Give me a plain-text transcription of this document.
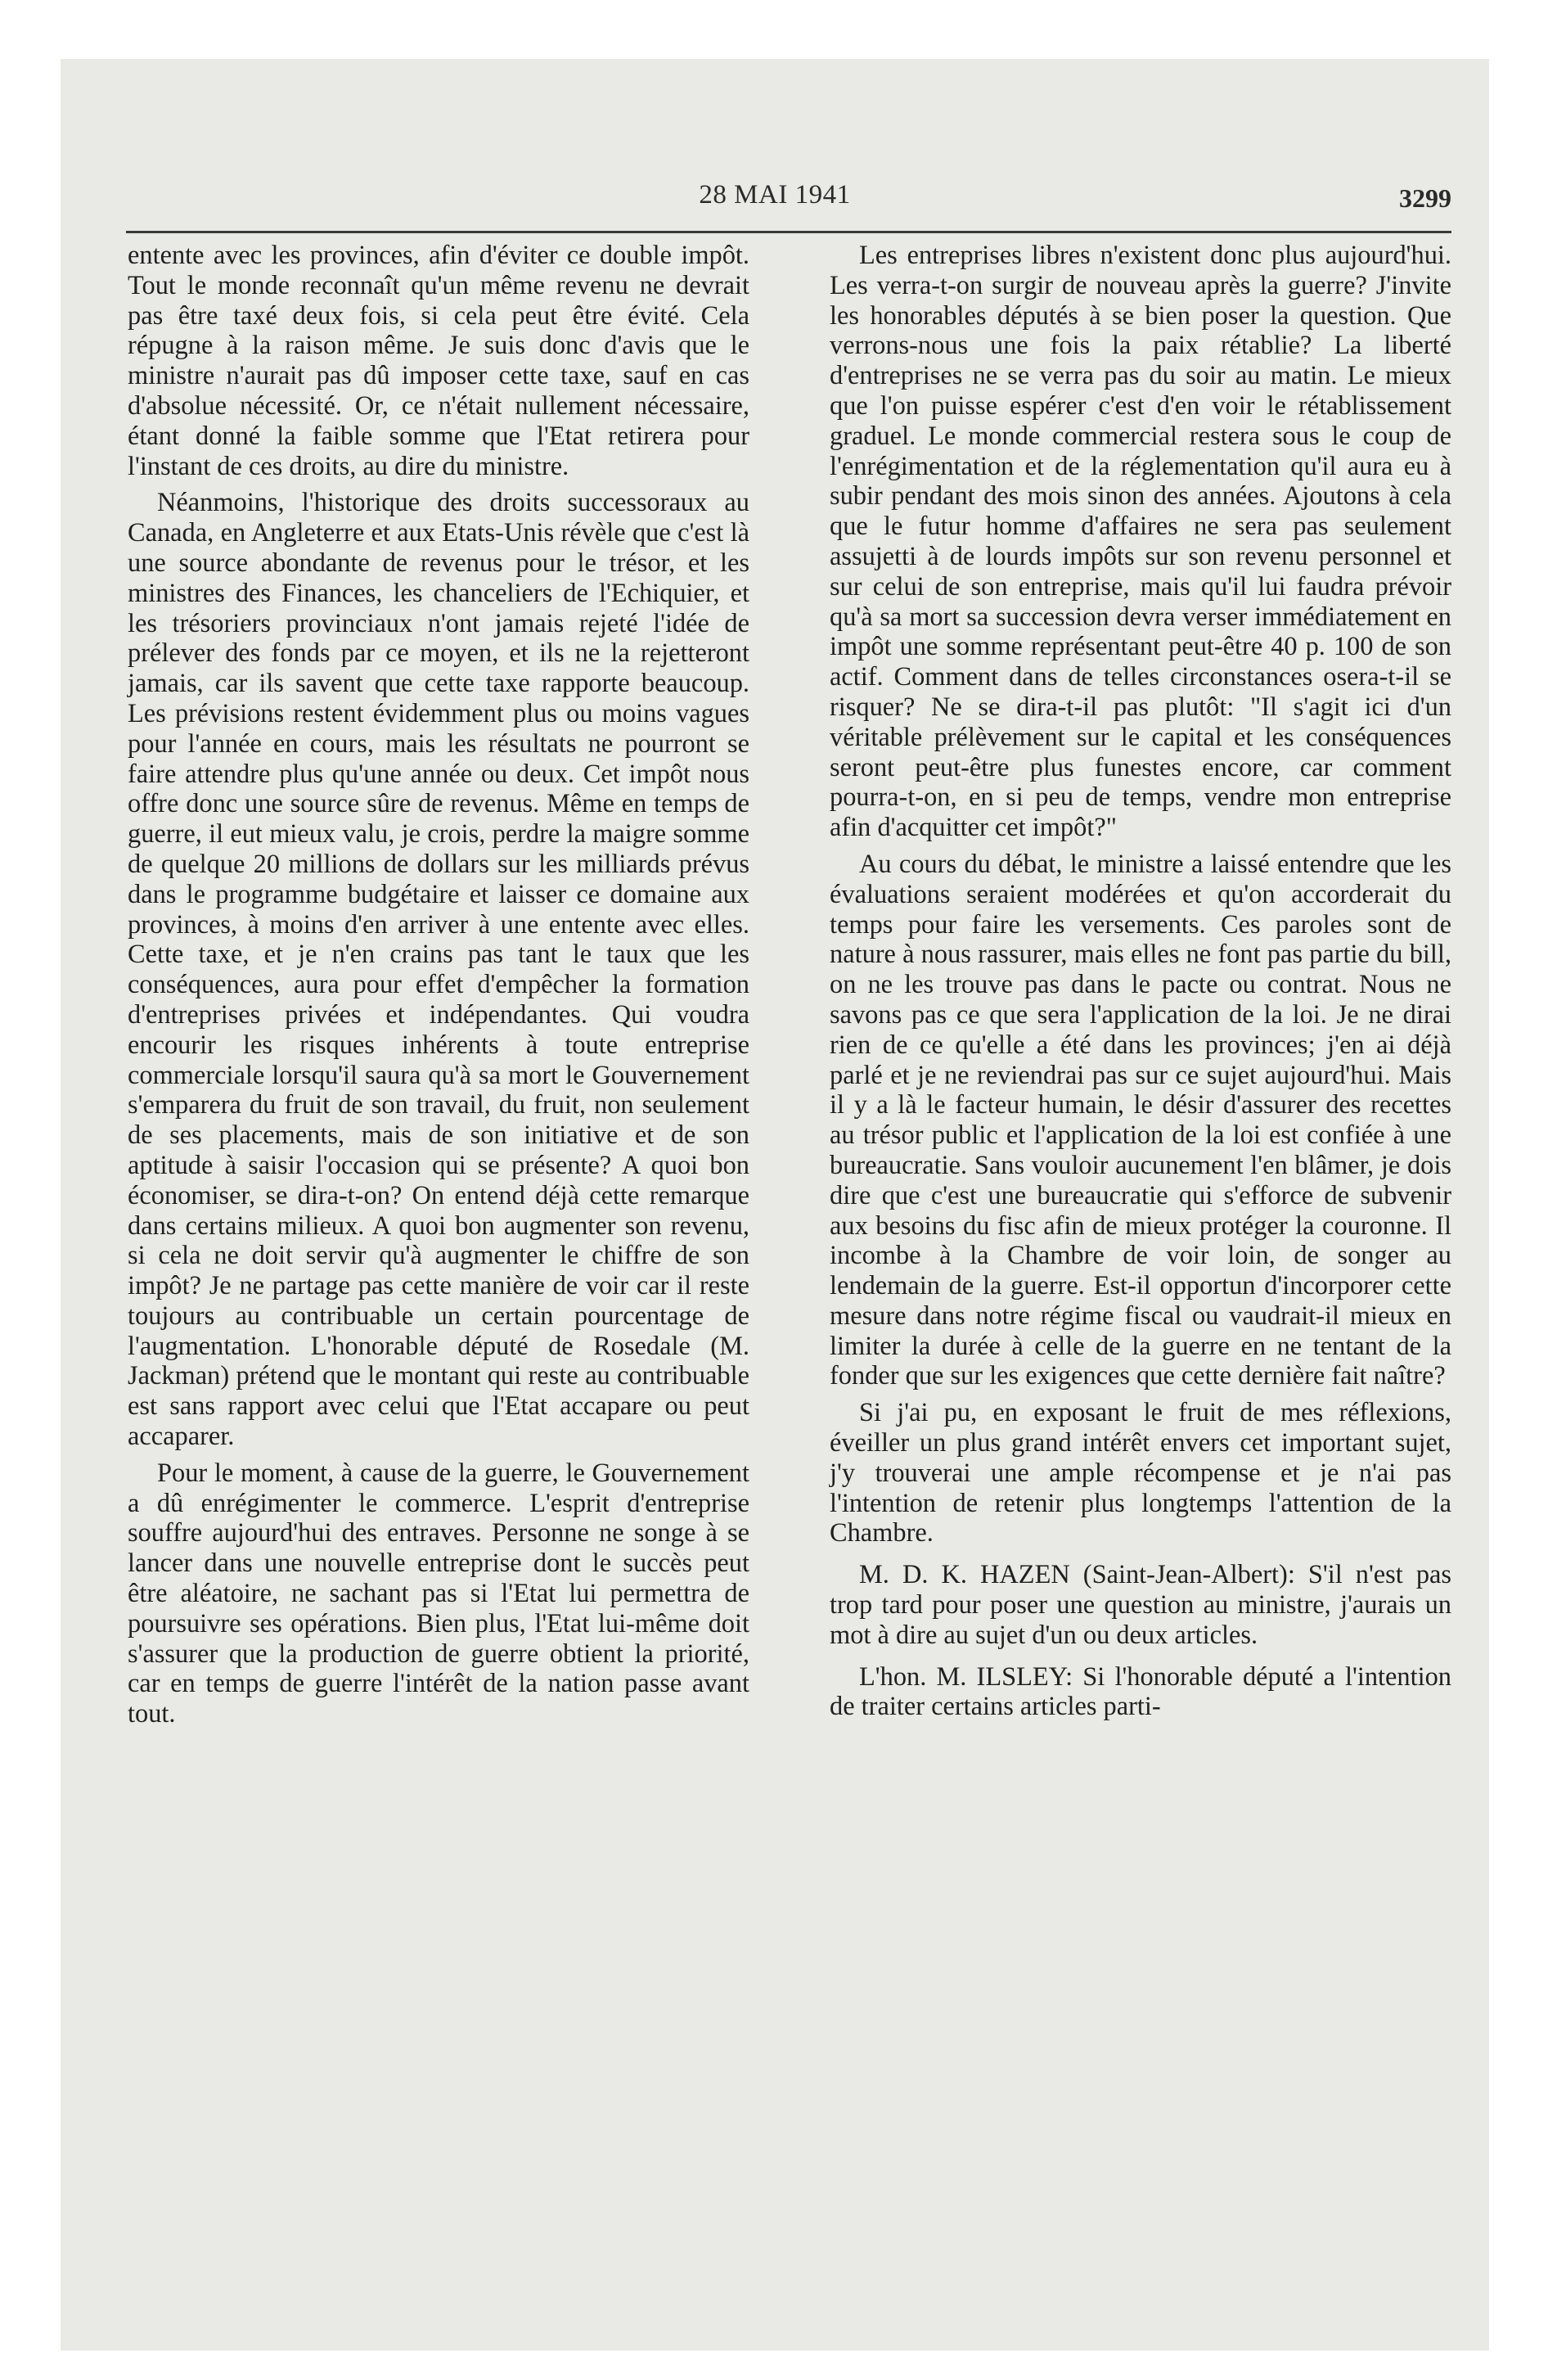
28 MAI 1941	3299

entente avec les provinces, afin d'éviter ce double impôt. Tout le monde reconnaît qu'un même revenu ne devrait pas être taxé deux fois, si cela peut être évité. Cela répugne à la raison même. Je suis donc d'avis que le ministre n'aurait pas dû imposer cette taxe, sauf en cas d'absolue nécessité. Or, ce n'était nullement nécessaire, étant donné la faible somme que l'Etat retirera pour l'instant de ces droits, au dire du ministre.

Néanmoins, l'historique des droits successoraux au Canada, en Angleterre et aux Etats-Unis révèle que c'est là une source abondante de revenus pour le trésor, et les ministres des Finances, les chanceliers de l'Echiquier, et les trésoriers provinciaux n'ont jamais rejeté l'idée de prélever des fonds par ce moyen, et ils ne la rejetteront jamais, car ils savent que cette taxe rapporte beaucoup. Les prévisions restent évidemment plus ou moins vagues pour l'année en cours, mais les résultats ne pourront se faire attendre plus qu'une année ou deux. Cet impôt nous offre donc une source sûre de revenus. Même en temps de guerre, il eut mieux valu, je crois, perdre la maigre somme de quelque 20 millions de dollars sur les milliards prévus dans le programme budgétaire et laisser ce domaine aux provinces, à moins d'en arriver à une entente avec elles. Cette taxe, et je n'en crains pas tant le taux que les conséquences, aura pour effet d'empêcher la formation d'entreprises privées et indépendantes. Qui voudra encourir les risques inhérents à toute entreprise commerciale lorsqu'il saura qu'à sa mort le Gouvernement s'emparera du fruit de son travail, du fruit, non seulement de ses placements, mais de son initiative et de son aptitude à saisir l'occasion qui se présente? A quoi bon économiser, se dira-t-on? On entend déjà cette remarque dans certains milieux. A quoi bon augmenter son revenu, si cela ne doit servir qu'à augmenter le chiffre de son impôt? Je ne partage pas cette manière de voir car il reste toujours au contribuable un certain pourcentage de l'augmentation. L'honorable député de Rosedale (M. Jackman) prétend que le montant qui reste au contribuable est sans rapport avec celui que l'Etat accapare ou peut accaparer.

Pour le moment, à cause de la guerre, le Gouvernement a dû enrégimenter le commerce. L'esprit d'entreprise souffre aujourd'hui des entraves. Personne ne songe à se lancer dans une nouvelle entreprise dont le succès peut être aléatoire, ne sachant pas si l'Etat lui permettra de poursuivre ses opérations. Bien plus, l'Etat lui-même doit s'assurer que la production de guerre obtient la priorité, car en temps de guerre l'intérêt de la nation passe avant tout.

Les entreprises libres n'existent donc plus aujourd'hui. Les verra-t-on surgir de nouveau après la guerre? J'invite les honorables députés à se bien poser la question. Que verrons-nous une fois la paix rétablie? La liberté d'entreprises ne se verra pas du soir au matin. Le mieux que l'on puisse espérer c'est d'en voir le rétablissement graduel. Le monde commercial restera sous le coup de l'enrégimentation et de la réglementation qu'il aura eu à subir pendant des mois sinon des années. Ajoutons à cela que le futur homme d'affaires ne sera pas seulement assujetti à de lourds impôts sur son revenu personnel et sur celui de son entreprise, mais qu'il lui faudra prévoir qu'à sa mort sa succession devra verser immédiatement en impôt une somme représentant peut-être 40 p. 100 de son actif. Comment dans de telles circonstances osera-t-il se risquer? Ne se dira-t-il pas plutôt: "Il s'agit ici d'un véritable prélèvement sur le capital et les conséquences seront peut-être plus funestes encore, car comment pourra-t-on, en si peu de temps, vendre mon entreprise afin d'acquitter cet impôt?"

Au cours du débat, le ministre a laissé entendre que les évaluations seraient modérées et qu'on accorderait du temps pour faire les versements. Ces paroles sont de nature à nous rassurer, mais elles ne font pas partie du bill, on ne les trouve pas dans le pacte ou contrat. Nous ne savons pas ce que sera l'application de la loi. Je ne dirai rien de ce qu'elle a été dans les provinces; j'en ai déjà parlé et je ne reviendrai pas sur ce sujet aujourd'hui. Mais il y a là le facteur humain, le désir d'assurer des recettes au trésor public et l'application de la loi est confiée à une bureaucratie. Sans vouloir aucunement l'en blâmer, je dois dire que c'est une bureaucratie qui s'efforce de subvenir aux besoins du fisc afin de mieux protéger la couronne. Il incombe à la Chambre de voir loin, de songer au lendemain de la guerre. Est-il opportun d'incorporer cette mesure dans notre régime fiscal ou vaudrait-il mieux en limiter la durée à celle de la guerre en ne tentant de la fonder que sur les exigences que cette dernière fait naître?

Si j'ai pu, en exposant le fruit de mes réflexions, éveiller un plus grand intérêt envers cet important sujet, j'y trouverai une ample récompense et je n'ai pas l'intention de retenir plus longtemps l'attention de la Chambre.

M. D. K. HAZEN (Saint-Jean-Albert): S'il n'est pas trop tard pour poser une question au ministre, j'aurais un mot à dire au sujet d'un ou deux articles.

L'hon. M. ILSLEY: Si l'honorable député a l'intention de traiter certains articles parti-
